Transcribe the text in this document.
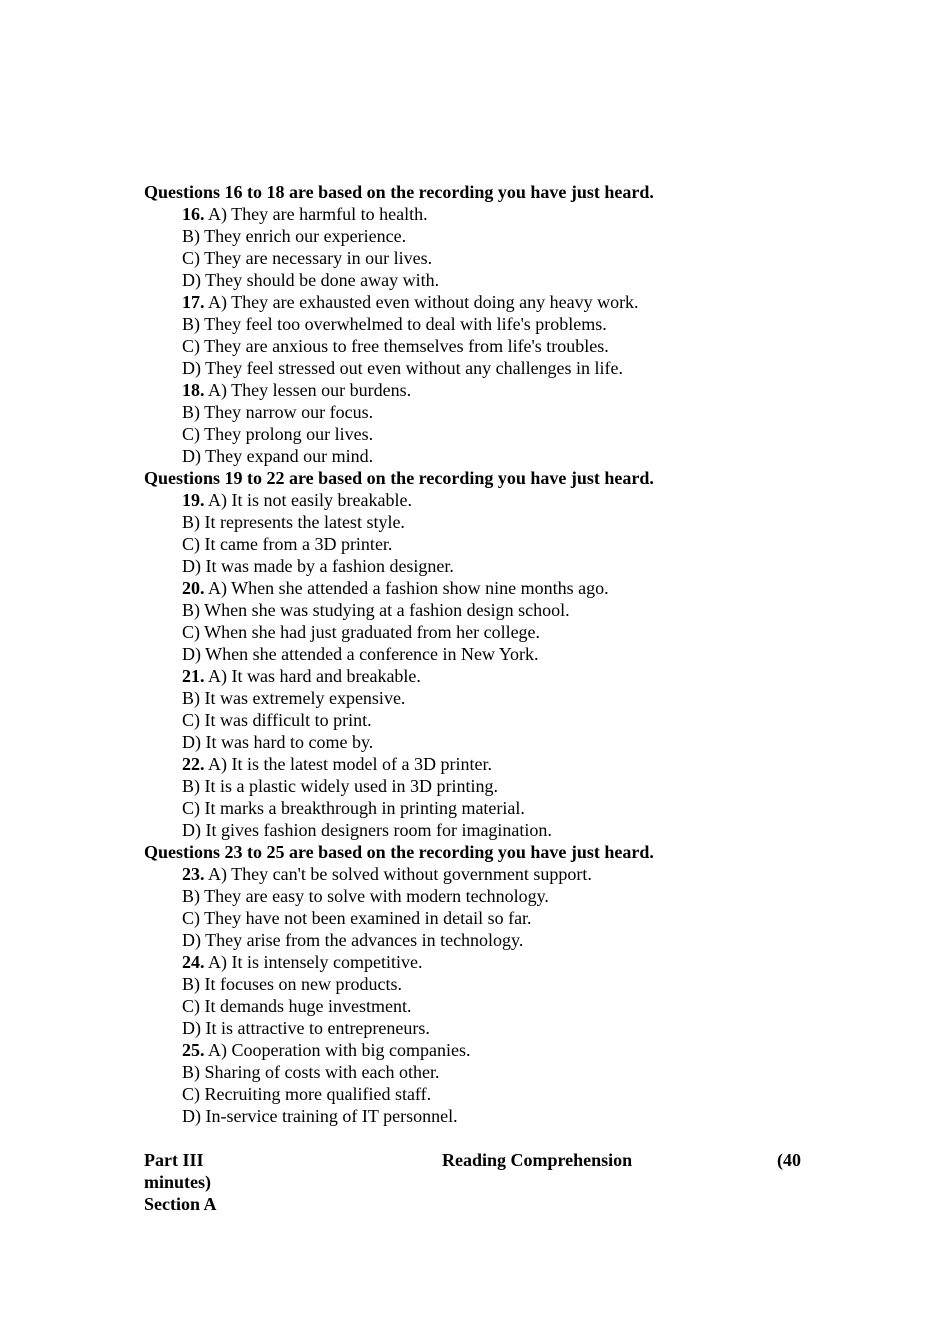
Questions 16 to 18 are based on the recording you have just heard.
16. A) They are harmful to health.
B) They enrich our experience.
C) They are necessary in our lives.
D) They should be done away with.
17. A) They are exhausted even without doing any heavy work.
B) They feel too overwhelmed to deal with life's problems.
C) They are anxious to free themselves from life's troubles.
D) They feel stressed out even without any challenges in life.
18. A) They lessen our burdens.
B) They narrow our focus.
C) They prolong our lives.
D) They expand our mind.
Questions 19 to 22 are based on the recording you have just heard.
19. A) It is not easily breakable.
B) It represents the latest style.
C) It came from a 3D printer.
D) It was made by a fashion designer.
20. A) When she attended a fashion show nine months ago.
B) When she was studying at a fashion design school.
C) When she had just graduated from her college.
D) When she attended a conference in New York.
21. A) It was hard and breakable.
B) It was extremely expensive.
C) It was difficult to print.
D) It was hard to come by.
22. A) It is the latest model of a 3D printer.
B) It is a plastic widely used in 3D printing.
C) It marks a breakthrough in printing material.
D) It gives fashion designers room for imagination.
Questions 23 to 25 are based on the recording you have just heard.
23. A) They can't be solved without government support.
B) They are easy to solve with modern technology.
C) They have not been examined in detail so far.
D) They arise from the advances in technology.
24. A) It is intensely competitive.
B) It focuses on new products.
C) It demands huge investment.
D) It is attractive to entrepreneurs.
25. A) Cooperation with big companies.
B) Sharing of costs with each other.
C) Recruiting more qualified staff.
D) In-service training of IT personnel.
Part III	Reading Comprehension	(40
minutes)
Section A
